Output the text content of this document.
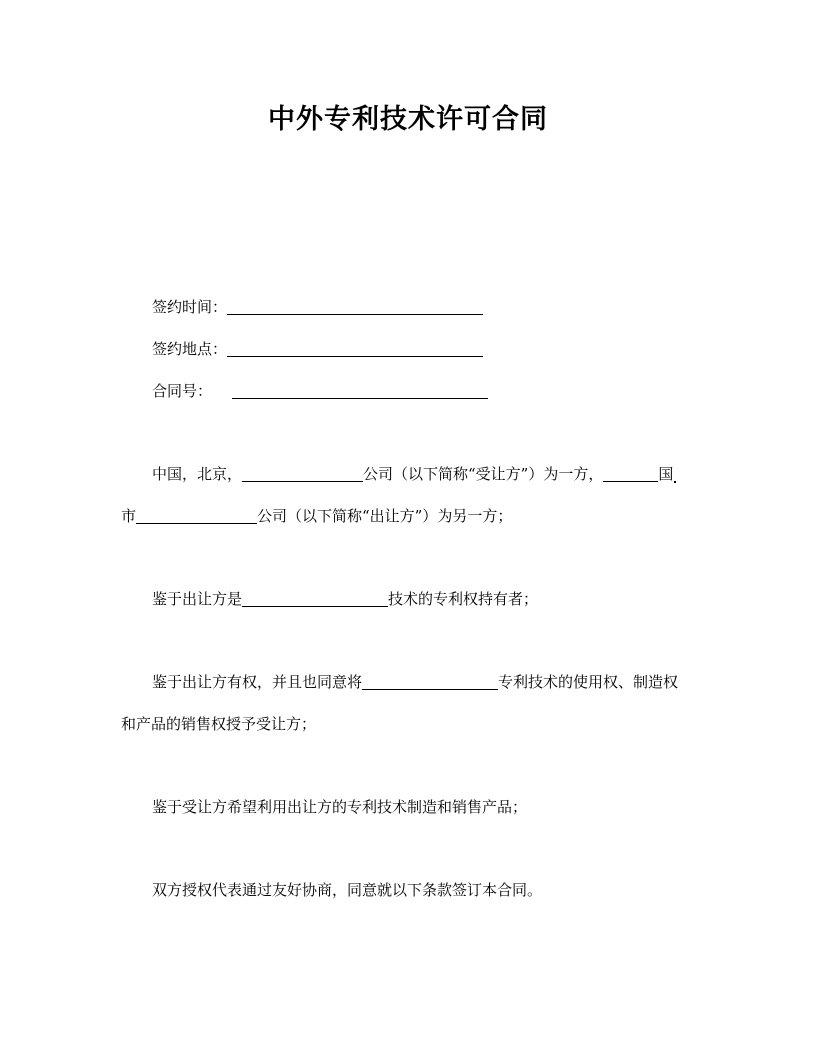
中外专利技术许可合同
签约时间：
签约地点：
合同号：
中国，北京，	公司（以下简称“受让方”）为一方，	国
市	公司（以下简称“出让方”）为另一方；
鉴于出让方是	技术的专利权持有者；
鉴于出让方有权，并且也同意将	专利技术的使用权、制造权
和产品的销售权授予受让方；
鉴于受让方希望利用出让方的专利技术制造和销售产品；
双方授权代表通过友好协商，同意就以下条款签订本合同。
